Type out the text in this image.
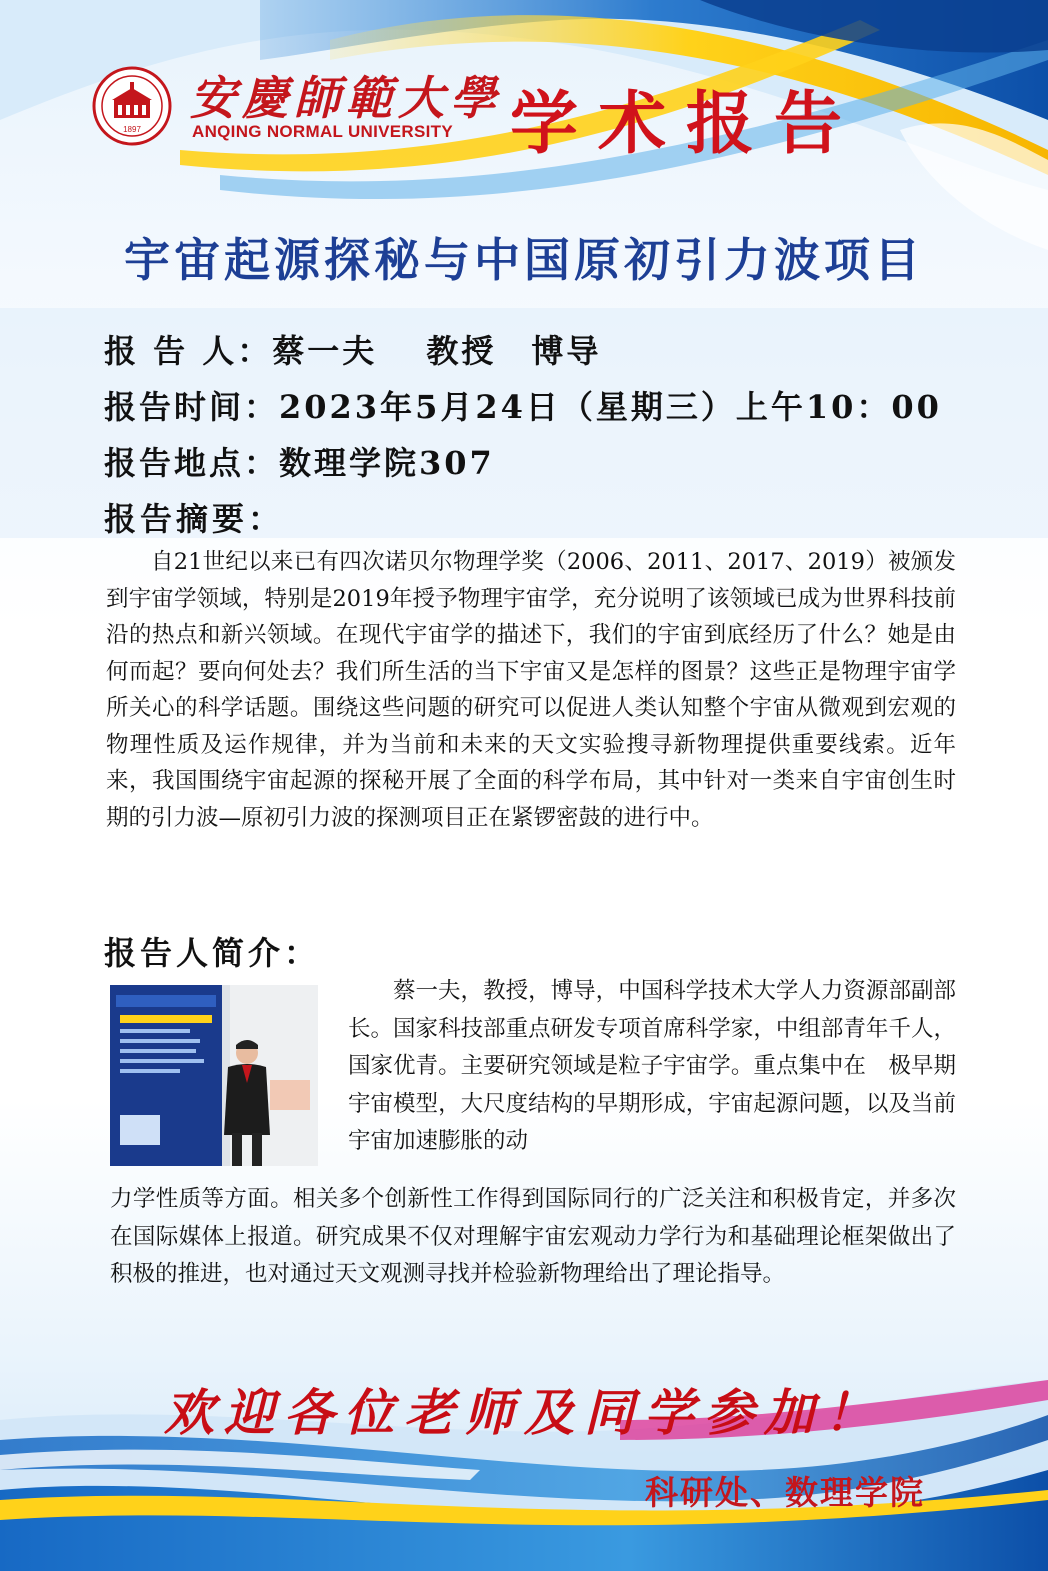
1897
安慶師範大學
ANQING NORMAL UNIVERSITY 学术报告
宇宙起源探秘与中国原初引力波项目
报 告 人：蔡一夫　 教授　博导
报告时间：2023年5月24日（星期三）上午10：00
报告地点：数理学院307
报告摘要：
自21世纪以来已有四次诺贝尔物理学奖（2006、2011、2017、2019）被颁发到宇宙学领域，特别是2019年授予物理宇宙学，充分说明了该领域已成为世界科技前沿的热点和新兴领域。在现代宇宙学的描述下，我们的宇宙到底经历了什么？她是由何而起？要向何处去？我们所生活的当下宇宙又是怎样的图景？这些正是物理宇宙学所关心的科学话题。围绕这些问题的研究可以促进人类认知整个宇宙从微观到宏观的物理性质及运作规律，并为当前和未来的天文实验搜寻新物理提供重要线索。近年来，我国围绕宇宙起源的探秘开展了全面的科学布局，其中针对一类来自宇宙创生时期的引力波—原初引力波的探测项目正在紧锣密鼓的进行中。
报告人简介：
蔡一夫，教授，博导，中国科学技术大学人力资源部副部长。国家科技部重点研发专项首席科学家，中组部青年千人，国家优青。主要研究领域是粒子宇宙学。重点集中在　极早期宇宙模型，大尺度结构的早期形成，宇宙起源问题，以及当前宇宙加速膨胀的动
力学性质等方面。相关多个创新性工作得到国际同行的广泛关注和积极肯定，并多次在国际媒体上报道。研究成果不仅对理解宇宙宏观动力学行为和基础理论框架做出了积极的推进，也对通过天文观测寻找并检验新物理给出了理论指导。
欢迎各位老师及同学参加！
科研处、数理学院
